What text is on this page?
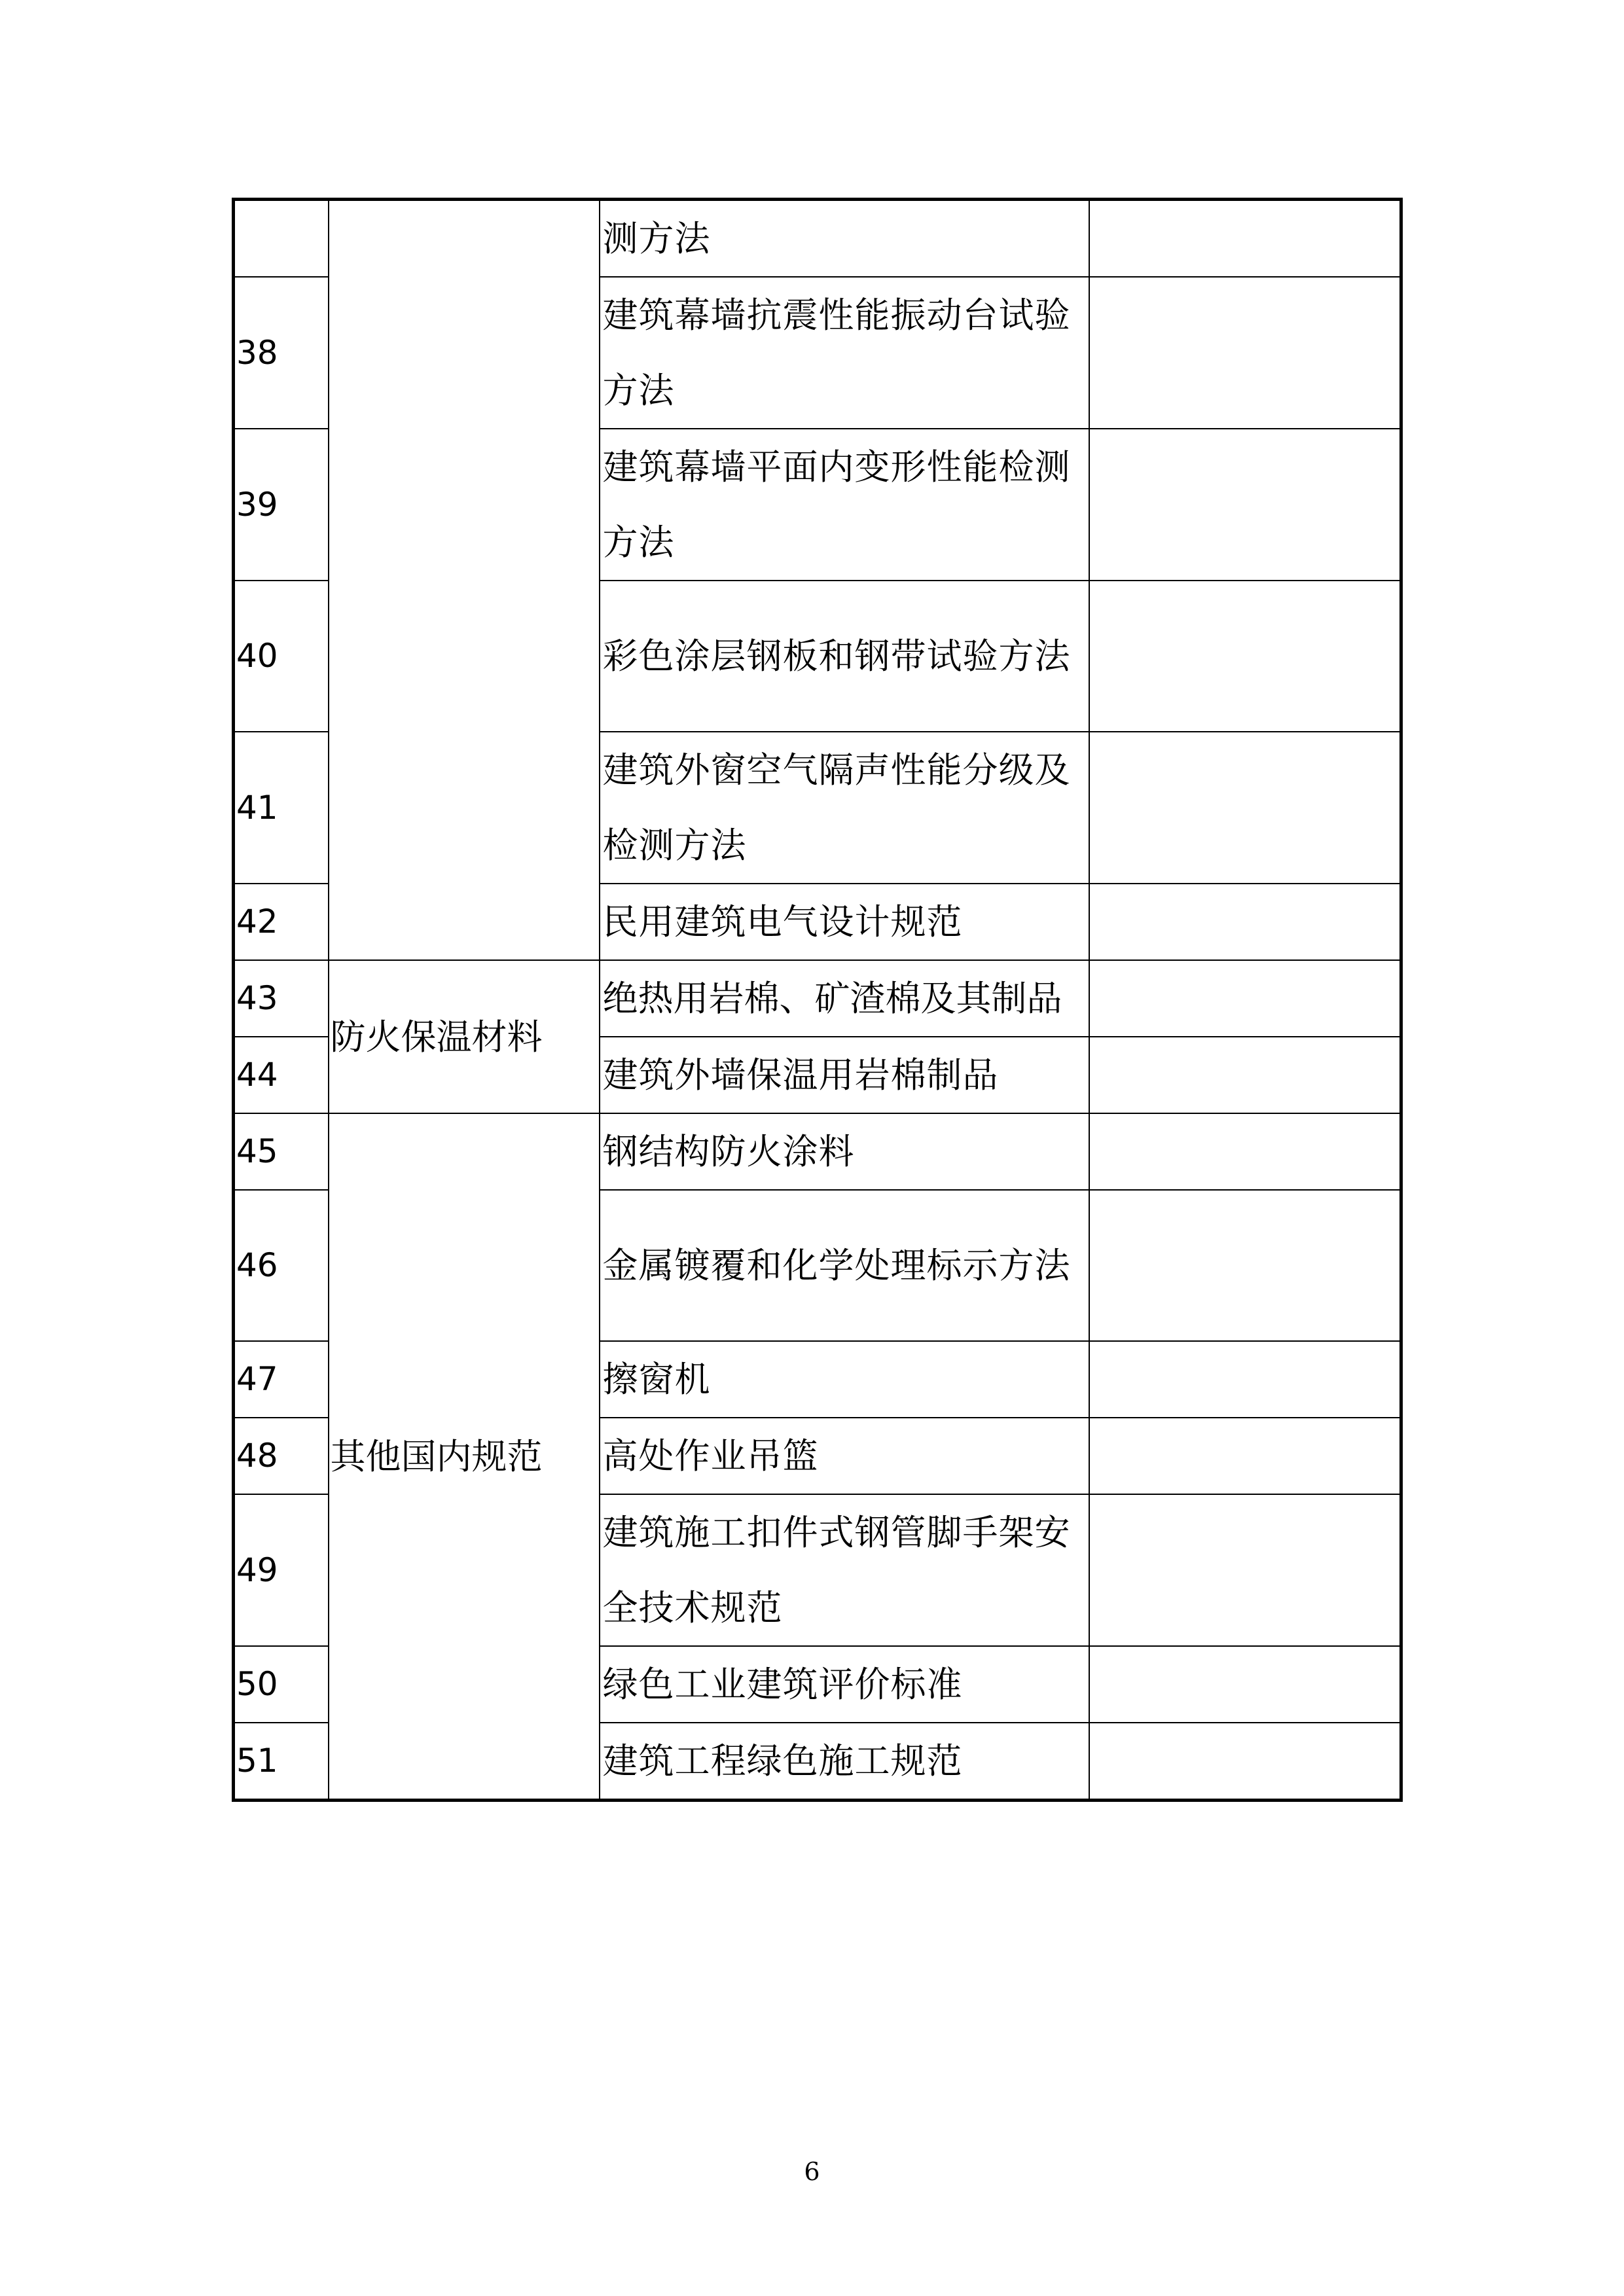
		测方法	
38		建筑幕墙抗震性能振动台试验方法	
39		建筑幕墙平面内变形性能检测方法	
40		彩色涂层钢板和钢带试验方法	
41		建筑外窗空气隔声性能分级及检测方法	
42		民用建筑电气设计规范	
43	防火保温材料	绝热用岩棉、矿渣棉及其制品	
44		建筑外墙保温用岩棉制品	
45	其他国内规范	钢结构防火涂料	
46		金属镀覆和化学处理标示方法	
47		擦窗机	
48		高处作业吊篮	
49		建筑施工扣件式钢管脚手架安全技术规范	
50		绿色工业建筑评价标准	
51		建筑工程绿色施工规范	
6
